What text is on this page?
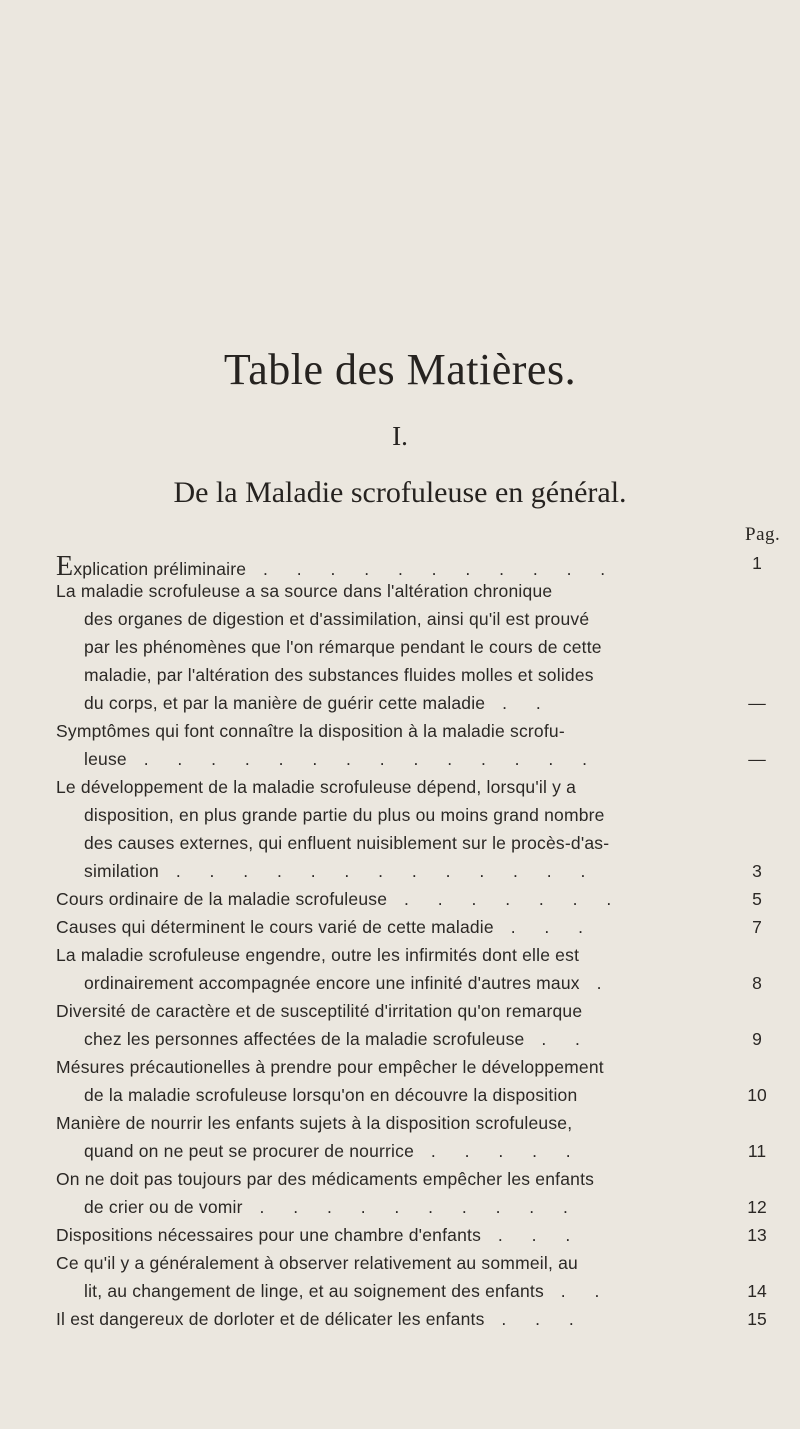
Table des Matières.
I.
De la Maladie scrofuleuse en général.
Pag.
Explication préliminaire . . . . . . . . . . .	1
La maladie scrofuleuse a sa source dans l'altération chronique
des organes de digestion et d'assimilation, ainsi qu'il est prouvé
par les phénomènes que l'on rémarque pendant le cours de cette
maladie, par l'altération des substances fluides molles et solides
du corps, et par la manière de guérir cette maladie . .	—
Symptômes qui font connaître la disposition à la maladie scrofu-
leuse . . . . . . . . . . . . . .	—
Le développement de la maladie scrofuleuse dépend, lorsqu'il y a
disposition, en plus grande partie du plus ou moins grand nombre
des causes externes, qui enfluent nuisiblement sur le procès-d'as-
similation . . . . . . . . . . . . .	3
Cours ordinaire de la maladie scrofuleuse . . . . . . .	5
Causes qui déterminent le cours varié de cette maladie . . .	7
La maladie scrofuleuse engendre, outre les infirmités dont elle est
ordinairement accompagnée encore une infinité d'autres maux .	8
Diversité de caractère et de susceptilité d'irritation qu'on remarque
chez les personnes affectées de la maladie scrofuleuse . .	9
Mésures précautionelles à prendre pour empêcher le développement
de la maladie scrofuleuse lorsqu'on en découvre la disposition	10
Manière de nourrir les enfants sujets à la disposition scrofuleuse,
quand on ne peut se procurer de nourrice . . . . .	11
On ne doit pas toujours par des médicaments empêcher les enfants
de crier ou de vomir . . . . . . . . . .	12
Dispositions nécessaires pour une chambre d'enfants . . .	13
Ce qu'il y a généralement à observer relativement au sommeil, au
lit, au changement de linge, et au soignement des enfants . .	14
Il est dangereux de dorloter et de délicater les enfants . . .	15
